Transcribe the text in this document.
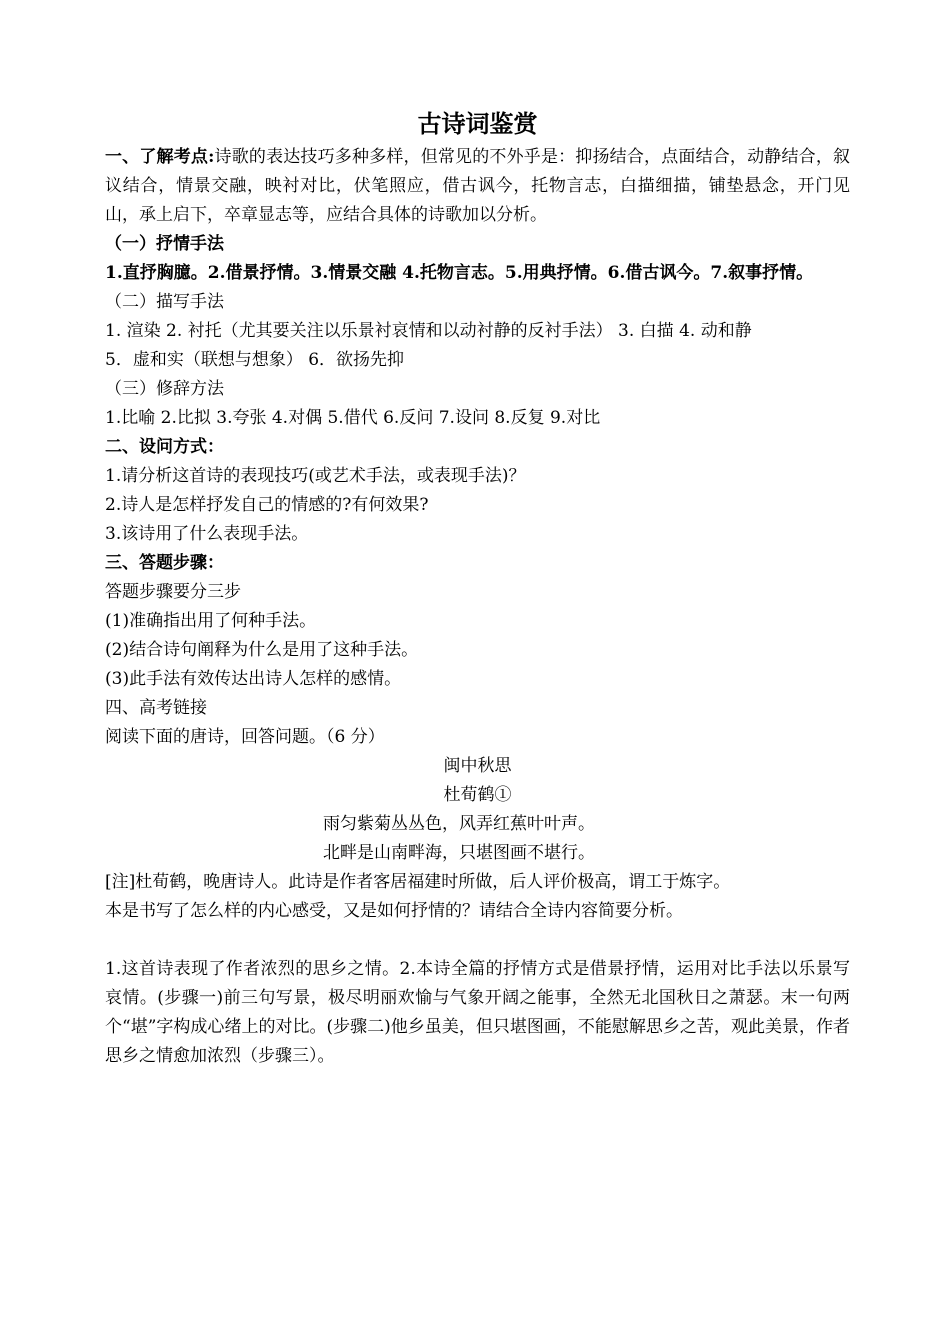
古诗词鉴赏

一、了解考点:诗歌的表达技巧多种多样，但常见的不外乎是：抑扬结合，点面结合，动静结合，叙议结合，情景交融，映衬对比，伏笔照应，借古讽今，托物言志，白描细描，铺垫悬念，开门见山，承上启下，卒章显志等，应结合具体的诗歌加以分析。

（一）抒情手法

1.直抒胸臆。2.借景抒情。3.情景交融 4.托物言志。5.用典抒情。6.借古讽今。7.叙事抒情。

（二）描写手法

1. 渲染 2. 衬托（尤其要关注以乐景衬哀情和以动衬静的反衬手法） 3. 白描 4. 动和静

5．虚和实（联想与想象） 6．欲扬先抑

（三）修辞方法

1.比喻 2.比拟 3.夸张 4.对偶 5.借代 6.反问 7.设问 8.反复 9.对比

二、设问方式：

1.请分析这首诗的表现技巧(或艺术手法，或表现手法)？

2.诗人是怎样抒发自己的情感的?有何效果?

3.该诗用了什么表现手法。

三、答题步骤：

答题步骤要分三步

(1)准确指出用了何种手法。

(2)结合诗句阐释为什么是用了这种手法。

(3)此手法有效传达出诗人怎样的感情。

四、高考链接

阅读下面的唐诗，回答问题。（6 分）

闽中秋思

杜荀鹤①

雨匀紫菊丛丛色，风弄红蕉叶叶声。

北畔是山南畔海，只堪图画不堪行。

[注]杜荀鹤，晚唐诗人。此诗是作者客居福建时所做，后人评价极高，谓工于炼字。

本是书写了怎么样的内心感受，又是如何抒情的？请结合全诗内容简要分析。

1.这首诗表现了作者浓烈的思乡之情。2.本诗全篇的抒情方式是借景抒情，运用对比手法以乐景写哀情。(步骤一)前三句写景，极尽明丽欢愉与气象开阔之能事，全然无北国秋日之萧瑟。末一句两个“堪”字构成心绪上的对比。(步骤二)他乡虽美，但只堪图画，不能慰解思乡之苦，观此美景，作者思乡之情愈加浓烈（步骤三）。
